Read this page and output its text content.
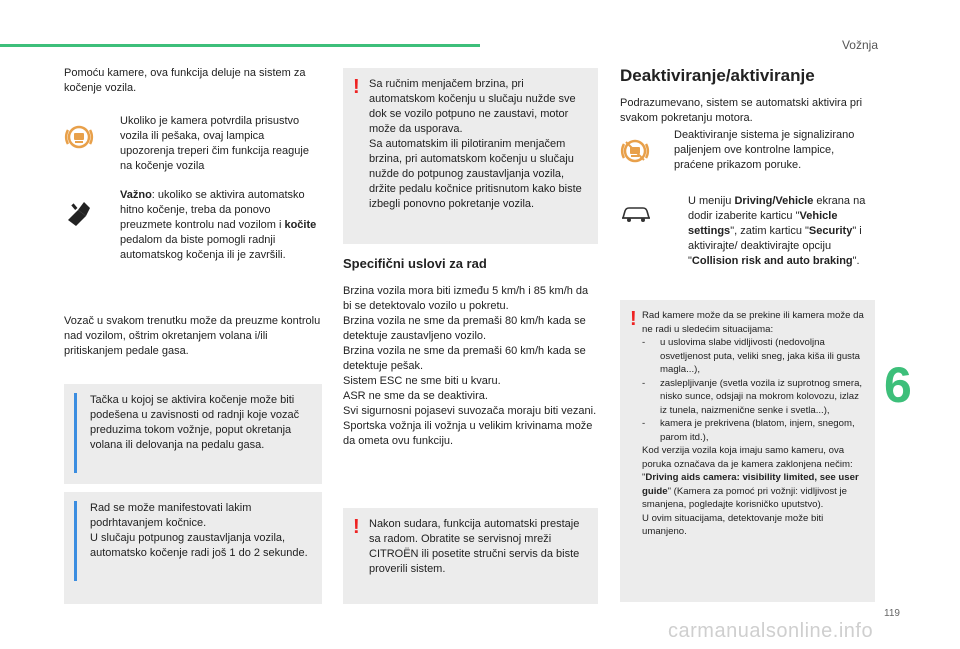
Vožnja

Pomoću kamere, ova funkcija deluje na sistem za kočenje vozila.

Ukoliko je kamera potvrdila prisustvo vozila ili pešaka, ovaj lampica upozorenja treperi čim funkcija reaguje na kočenje vozila

Važno: ukoliko se aktivira automatsko hitno kočenje, treba da ponovo preuzmete kontrolu nad vozilom i kočite pedalom da biste pomogli radnji automatskog kočenja ili je završili.

Vozač u svakom trenutku može da preuzme kontrolu nad vozilom, oštrim okretanjem volana i/ili pritiskanjem pedale gasa.

Tačka u kojoj se aktivira kočenje može biti podešena u zavisnosti od radnji koje vozač preduzima tokom vožnje, poput okretanja volana ili delovanja na pedalu gasa.

Rad se može manifestovati lakim podrhtavanjem kočnice.
U slučaju potpunog zaustavljanja vozila, automatsko kočenje radi još 1 do 2 sekunde.

! Sa ručnim menjačem brzina, pri automatskom kočenju u slučaju nužde sve dok se vozilo potpuno ne zaustavi, motor može da usporava.
Sa automatskim ili pilotiranim menjačem brzina, pri automatskom kočenju u slučaju nužde do potpunog zaustavljanja vozila, držite pedalu kočnice pritisnutom kako biste izbegli ponovno pokretanje vozila.

Specifični uslovi za rad

Brzina vozila mora biti između 5 km/h i 85 km/h da bi se detektovalo vozilo u pokretu.
Brzina vozila ne sme da premaši 80 km/h kada se detektuje zaustavljeno vozilo.
Brzina vozila ne sme da premaši 60 km/h kada se detektuje pešak.
Sistem ESC ne sme biti u kvaru.
ASR ne sme da se deaktivira.
Svi sigurnosni pojasevi suvozača moraju biti vezani.
Sportska vožnja ili vožnja u velikim krivinama može da ometa ovu funkciju.

! Nakon sudara, funkcija automatski prestaje sa radom. Obratite se servisnoj mreži CITROËN ili posetite stručni servis da biste proverili sistem.

Deaktiviranje/aktiviranje

Podrazumevano, sistem se automatski aktivira pri svakom pokretanju motora.

Deaktiviranje sistema je signalizirano paljenjem ove kontrolne lampice, praćene prikazom poruke.

U meniju Driving/Vehicle ekrana na dodir izaberite karticu "Vehicle settings", zatim karticu "Security" i aktivirajte/ deaktivirajte opciju "Collision risk and auto braking".

! Rad kamere može da se prekine ili kamera može da ne radi u sledećim situacijama:

-	u uslovima slabe vidljivosti (nedovoljna osvetljenost puta, veliki sneg, jaka kiša ili gusta magla...),
-	zaslepljivanje (svetla vozila iz suprotnog smera, nisko sunce, odsjaji na mokrom kolovozu, izlaz iz tunela, naizmenične senke i svetla...),
-	kamera je prekrivena (blatom, injem, snegom, parom itd.),

Kod verzija vozila koja imaju samo kameru, ova poruka označava da je kamera zaklonjena nečim: "Driving aids camera: visibility limited, see user guide" (Kamera za pomoć pri vožnji: vidljivost je smanjena, pogledajte korisničko uputstvo).
U ovim situacijama, detektovanje može biti umanjeno.

6
119
carmanualsonline.info
